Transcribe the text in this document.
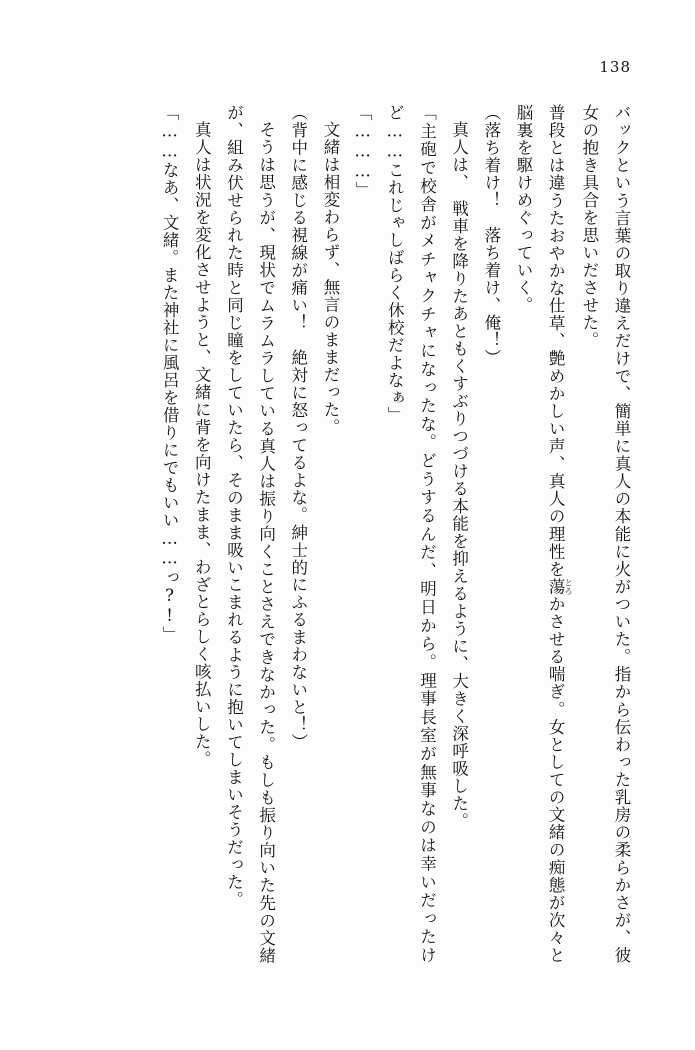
138

バックという言葉の取り違えだけで、簡単に真人の本能に火がついた。指から伝わった乳房の柔らかさが、彼女の抱き具合を思いださせた。

普段とは違うたおやかな仕草、艶めかしい声、真人の理性を蕩 とろかさせる喘ぎ。女としての文緒の痴態が次々と脳裏を駆けめぐっていく。

（落ち着け！　落ち着け、俺！）

真人は、　戦車を降りたあともくすぶりつづける本能を抑えるように、大きく深呼吸した。

「主砲で校舎がメチャクチャになったな。どうするんだ、明日から。理事長室が無事なのは幸いだったけど……これじゃしばらく休校だよなぁ」

「………」

文緒は相変わらず、無言のままだった。

（背中に感じる視線が痛い！　絶対に怒ってるよな。紳士的にふるまわないと！）

そうは思うが、現状でムラムラしている真人は振り向くことさえできなかった。もしも振り向いた先の文緒が、組み伏せられた時と同じ瞳をしていたら、そのまま吸いこまれるように抱いてしまいそうだった。

真人は状況を変化させようと、文緒に背を向けたまま、わざとらしく咳払いした。

「……なあ、文緒。また神社に風呂を借りにでもいい……っ?!」
